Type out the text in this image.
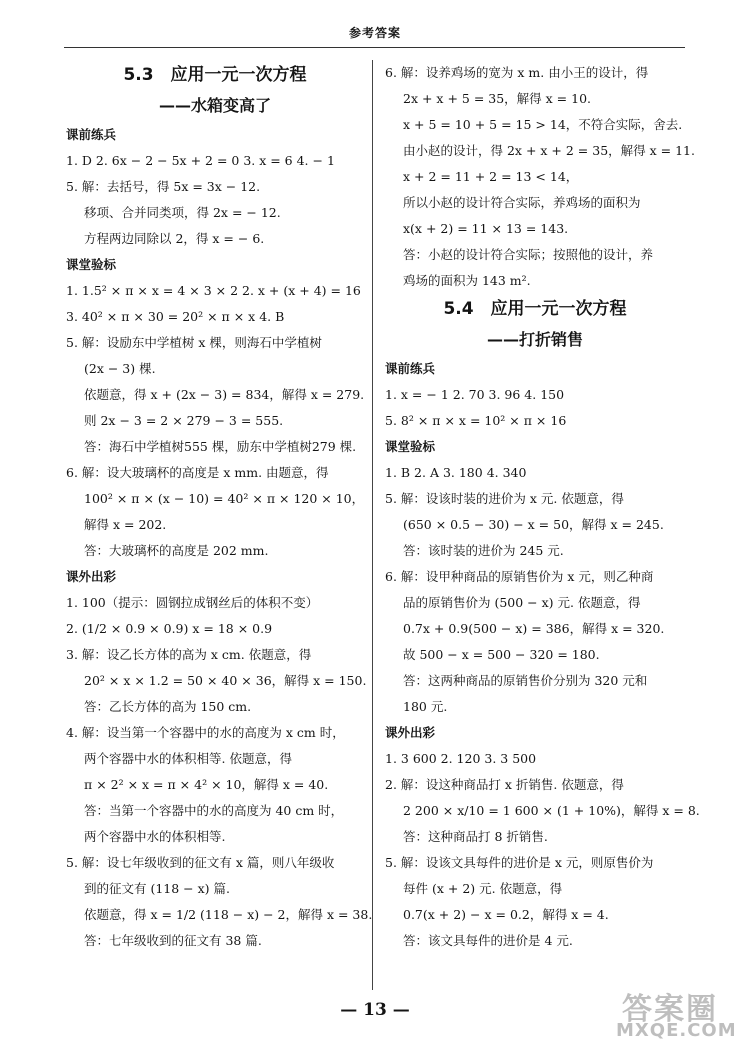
参考答案
5.3　应用一元一次方程
——水箱变高了
课前练兵
1. D 2. 6x − 2 − 5x + 2 = 0 3. x = 6 4. − 1
5. 解：去括号，得 5x = 3x − 12.
移项、合并同类项，得 2x = − 12.
方程两边同除以 2，得 x = − 6.
课堂验标
1. 1.5² × π × x = 4 × 3 × 2 2. x + (x + 4) = 16
3. 40² × π × 30 = 20² × π × x 4. B
5. 解：设励东中学植树 x 棵，则海石中学植树
(2x − 3) 棵.
依题意，得 x + (2x − 3) = 834，解得 x = 279.
则 2x − 3 = 2 × 279 − 3 = 555.
答：海石中学植树555 棵，励东中学植树279 棵.
6. 解：设大玻璃杯的高度是 x mm. 由题意，得
100² × π × (x − 10) = 40² × π × 120 × 10，
解得 x = 202.
答：大玻璃杯的高度是 202 mm.
课外出彩
1. 100（提示：圆钢拉成钢丝后的体积不变）
2. (1/2 × 0.9 × 0.9) x = 18 × 0.9
3. 解：设乙长方体的高为 x cm. 依题意，得
20² × x × 1.2 = 50 × 40 × 36，解得 x = 150.
答：乙长方体的高为 150 cm.
4. 解：设当第一个容器中的水的高度为 x cm 时，
两个容器中水的体积相等. 依题意，得
π × 2² × x = π × 4² × 10，解得 x = 40.
答：当第一个容器中的水的高度为 40 cm 时，
两个容器中水的体积相等.
5. 解：设七年级收到的征文有 x 篇，则八年级收
到的征文有 (118 − x) 篇.
依题意，得 x = 1/2 (118 − x) − 2，解得 x = 38.
答：七年级收到的征文有 38 篇.
6. 解：设养鸡场的宽为 x m. 由小王的设计，得
2x + x + 5 = 35，解得 x = 10.
x + 5 = 10 + 5 = 15 > 14，不符合实际，舍去.
由小赵的设计，得 2x + x + 2 = 35，解得 x = 11.
x + 2 = 11 + 2 = 13 < 14，
所以小赵的设计符合实际，养鸡场的面积为
x(x + 2) = 11 × 13 = 143.
答：小赵的设计符合实际；按照他的设计，养
鸡场的面积为 143 m².
5.4　应用一元一次方程
——打折销售
课前练兵
1. x = − 1 2. 70 3. 96 4. 150
5. 8² × π × x = 10² × π × 16
课堂验标
1. B 2. A 3. 180 4. 340
5. 解：设该时装的进价为 x 元. 依题意，得
(650 × 0.5 − 30) − x = 50，解得 x = 245.
答：该时装的进价为 245 元.
6. 解：设甲种商品的原销售价为 x 元，则乙种商
品的原销售价为 (500 − x) 元. 依题意，得
0.7x + 0.9(500 − x) = 386，解得 x = 320.
故 500 − x = 500 − 320 = 180.
答：这两种商品的原销售价分别为 320 元和
180 元.
课外出彩
1. 3 600 2. 120 3. 3 500
2. 解：设这种商品打 x 折销售. 依题意，得
2 200 × x/10 = 1 600 × (1 + 10%)，解得 x = 8.
答：这种商品打 8 折销售.
5. 解：设该文具每件的进价是 x 元，则原售价为
每件 (x + 2) 元. 依题意，得
0.7(x + 2) − x = 0.2，解得 x = 4.
答：该文具每件的进价是 4 元.
— 13 —	答案圈
MXQE.COM
